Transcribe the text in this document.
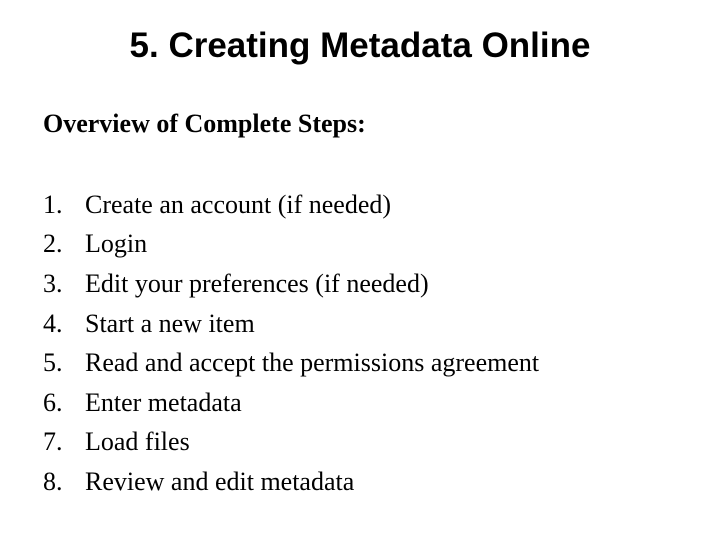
5. Creating Metadata Online

Overview of Complete Steps:

1. Create an account (if needed)
2. Login
3. Edit your preferences (if needed)
4. Start a new item
5. Read and accept the permissions agreement
6. Enter metadata
7. Load files
8. Review and edit metadata
